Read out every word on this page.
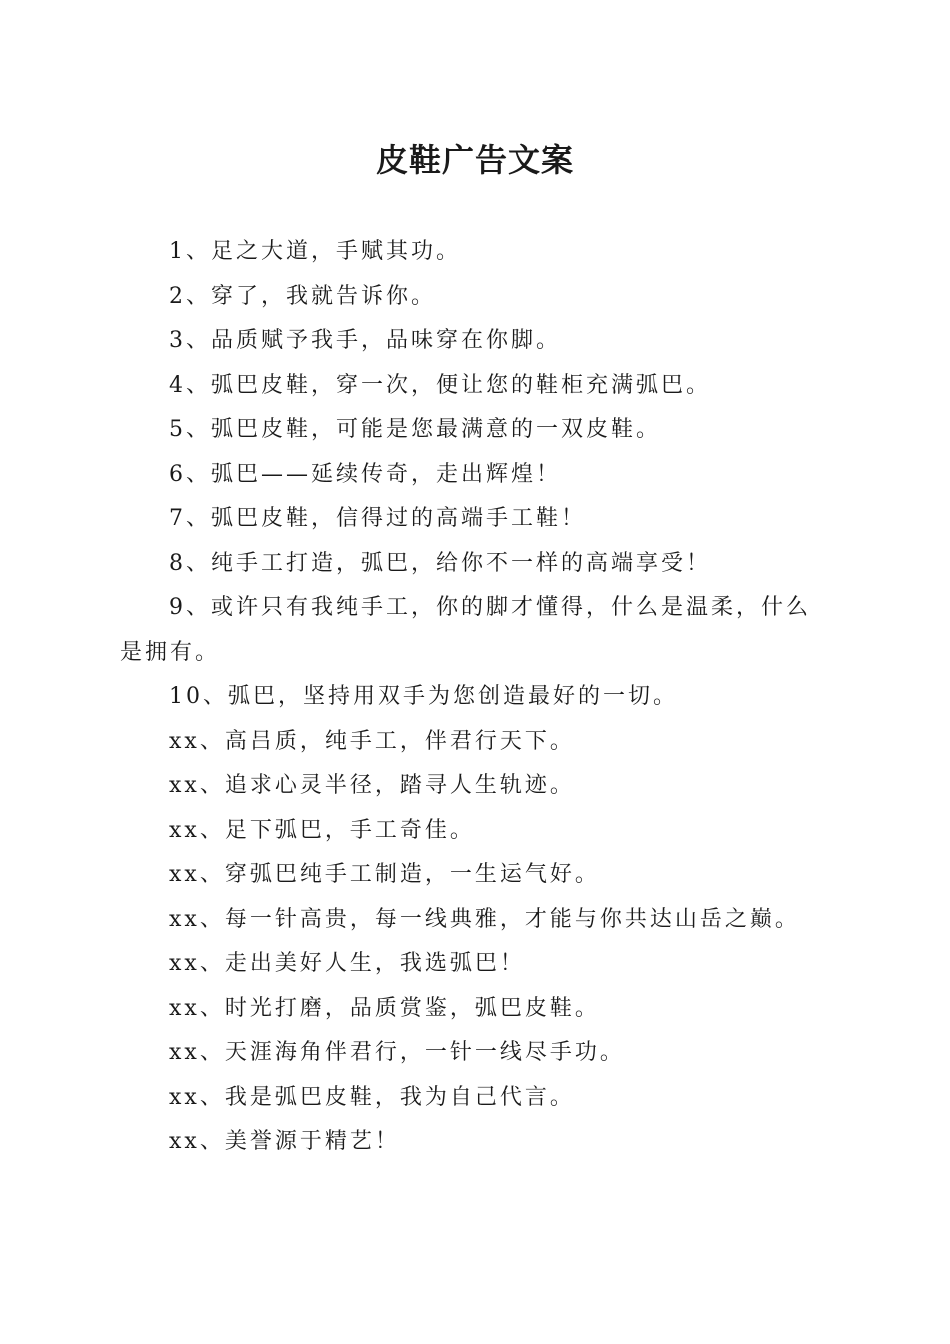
皮鞋广告文案
1、足之大道，手赋其功。
2、穿了，我就告诉你。
3、品质赋予我手，品味穿在你脚。
4、弧巴皮鞋，穿一次，便让您的鞋柜充满弧巴。
5、弧巴皮鞋，可能是您最满意的一双皮鞋。
6、弧巴——延续传奇，走出辉煌！
7、弧巴皮鞋，信得过的高端手工鞋！
8、纯手工打造，弧巴，给你不一样的高端享受！
9、或许只有我纯手工，你的脚才懂得，什么是温柔，什么是拥有。
10、弧巴，坚持用双手为您创造最好的一切。
xx、高吕质，纯手工，伴君行天下。
xx、追求心灵半径，踏寻人生轨迹。
xx、足下弧巴，手工奇佳。
xx、穿弧巴纯手工制造，一生运气好。
xx、每一针高贵，每一线典雅，才能与你共达山岳之巅。
xx、走出美好人生，我选弧巴！
xx、时光打磨，品质赏鉴，弧巴皮鞋。
xx、天涯海角伴君行，一针一线尽手功。
xx、我是弧巴皮鞋，我为自己代言。
xx、美誉源于精艺！
